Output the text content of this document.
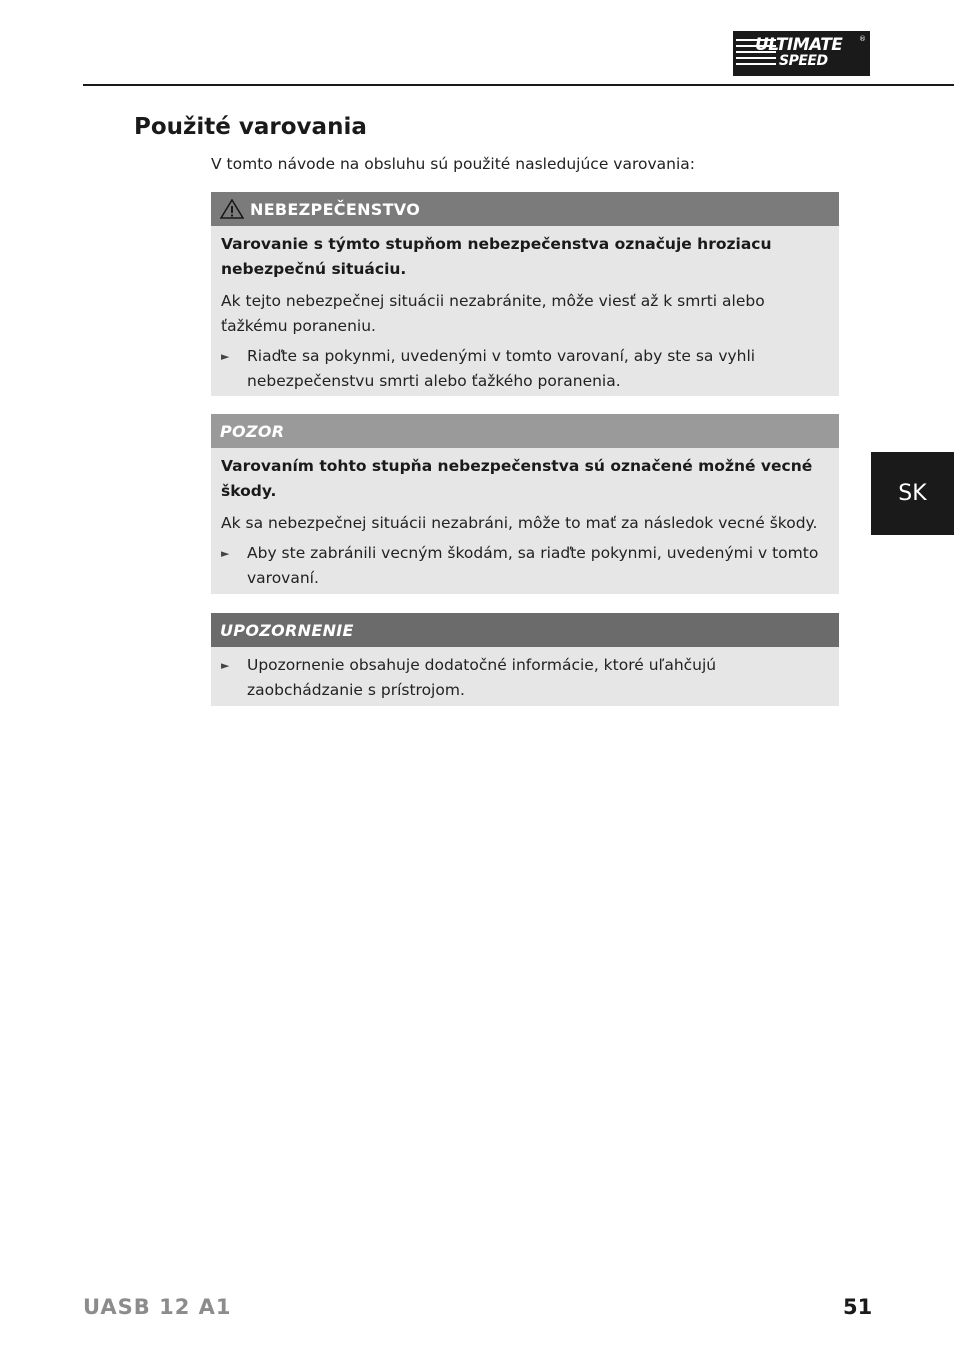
ULTIMATE
SPEED
®
Použité varovania
V tomto návode na obsluhu sú použité nasledujúce varovania:
NEBEZPEČENSTVO

Varovanie s týmto stupňom nebezpečenstva označuje hroziacu nebezpečnú situáciu.

Ak tejto nebezpečnej situácii nezabránite, môže viesť až k smrti alebo ťažkému poraneniu.

►	Riaďte sa pokynmi, uvedenými v tomto varovaní, aby ste sa vyhli nebezpečenstvu smrti alebo ťažkého poranenia.
POZOR

Varovaním tohto stupňa nebezpečenstva sú označené možné vecné škody.

Ak sa nebezpečnej situácii nezabráni, môže to mať za následok vecné škody.

►	Aby ste zabránili vecným škodám, sa riaďte pokynmi, uvedenými v tomto varovaní.
UPOZORNENIE
►	Upozornenie obsahuje dodatočné informácie, ktoré uľahčujú zaobchádzanie s prístrojom.
SK
UASB 12 A1	51
